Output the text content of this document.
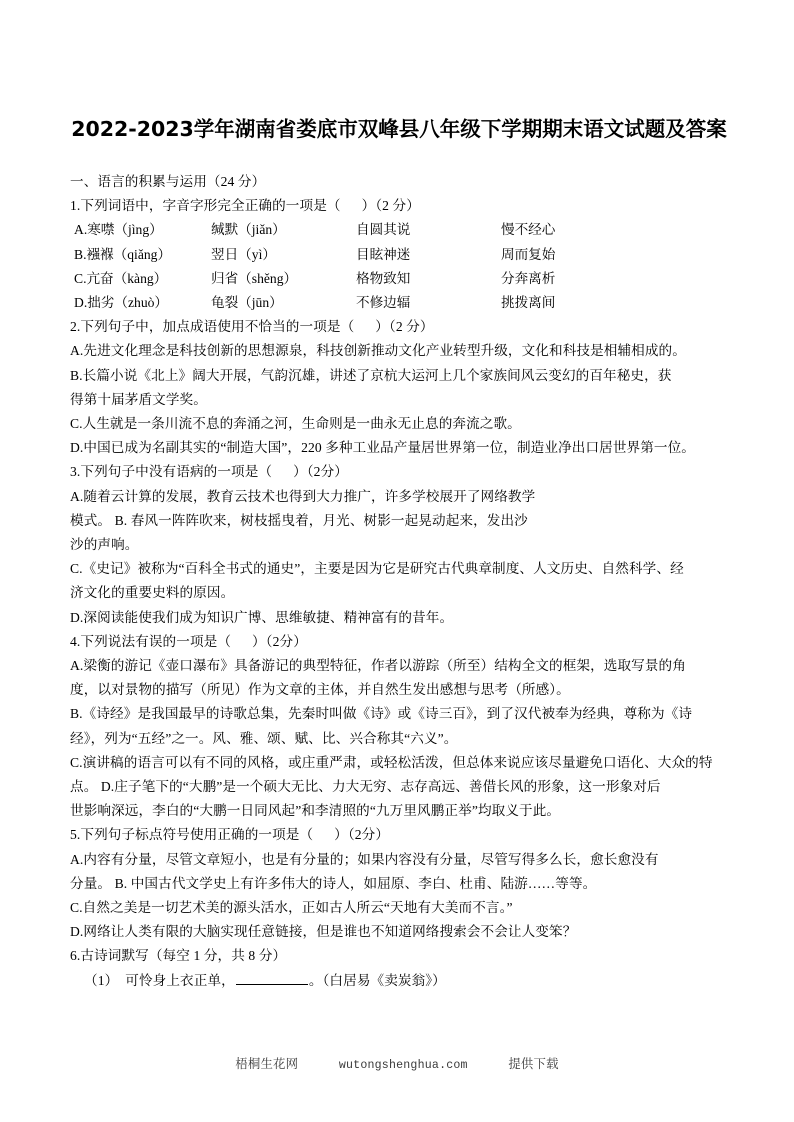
2022-2023学年湖南省娄底市双峰县八年级下学期期末语文试题及答案
一、语言的积累与运用（24 分）
1.下列词语中，字音字形完全正确的一项是（      ）（2 分）
A.寒噤（jìng）	缄默（jiǎn）	自圆其说	慢不经心
B.襁褓（qiǎng）	翌日（yì）	目眩神迷	周而复始
C.亢奋（kàng）	归省（shěng）	格物致知	分奔离析
D.拙劣（zhuò）	龟裂（jūn）	不修边辐	挑拨离间
2.下列句子中，加点成语使用不恰当的一项是（      ）（2 分）
A.先进文化理念是科技创新的思想源泉，科技创新推动文化产业转型升级，文化和科技是相辅相成的。
B.长篇小说《北上》阔大开展，气韵沉雄，讲述了京杭大运河上几个家族间风云变幻的百年秘史，获
得第十届茅盾文学奖。
C.人生就是一条川流不息的奔涌之河，生命则是一曲永无止息的奔流之歌。
D.中国已成为名副其实的“制造大国”，220 多种工业品产量居世界第一位，制造业净出口居世界第一位。
3.下列句子中没有语病的一项是（      ）（2分）
A.随着云计算的发展，教育云技术也得到大力推广，许多学校展开了网络教学
模式。 B. 春风一阵阵吹来，树枝摇曳着，月光、树影一起晃动起来，发出沙
沙的声响。
C.《史记》被称为“百科全书式的通史”，主要是因为它是研究古代典章制度、人文历史、自然科学、经
济文化的重要史料的原因。
D.深阅读能使我们成为知识广博、思维敏捷、精神富有的昔年。
4.下列说法有误的一项是（      ）（2分）
A.梁衡的游记《壶口瀑布》具备游记的典型特征，作者以游踪（所至）结构全文的框架，选取写景的角
度，以对景物的描写（所见）作为文章的主体，并自然生发出感想与思考（所感）。
B.《诗经》是我国最早的诗歌总集，先秦时叫做《诗》或《诗三百》，到了汉代被奉为经典，尊称为《诗
经》，列为“五经”之一。风、雅、颂、赋、比、兴合称其“六义”。
C.演讲稿的语言可以有不同的风格，或庄重严肃，或轻松活泼，但总体来说应该尽量避免口语化、大众的特
点。 D.庄子笔下的“大鹏”是一个硕大无比、力大无穷、志存高远、善借长风的形象，这一形象对后
世影响深远，李白的“大鹏一日同风起”和李清照的“九万里风鹏正举”均取义于此。
5.下列句子标点符号使用正确的一项是（      ）（2分）
A.内容有分量，尽管文章短小，也是有分量的；如果内容没有分量，尽管写得多么长，愈长愈没有
分量。 B. 中国古代文学史上有许多伟大的诗人，如屈原、李白、杜甫、陆游……等等。
C.自然之美是一切艺术美的源头活水，正如古人所云“天地有大美而不言。”
D.网络让人类有限的大脑实现任意链接，但是谁也不知道网络搜索会不会让人变笨？
6.古诗词默写（每空 1 分，共 8 分）
（1）  可怜身上衣正单，	。（白居易《卖炭翁》）
梧桐生花网	wutongshenghua.com	提供下载
